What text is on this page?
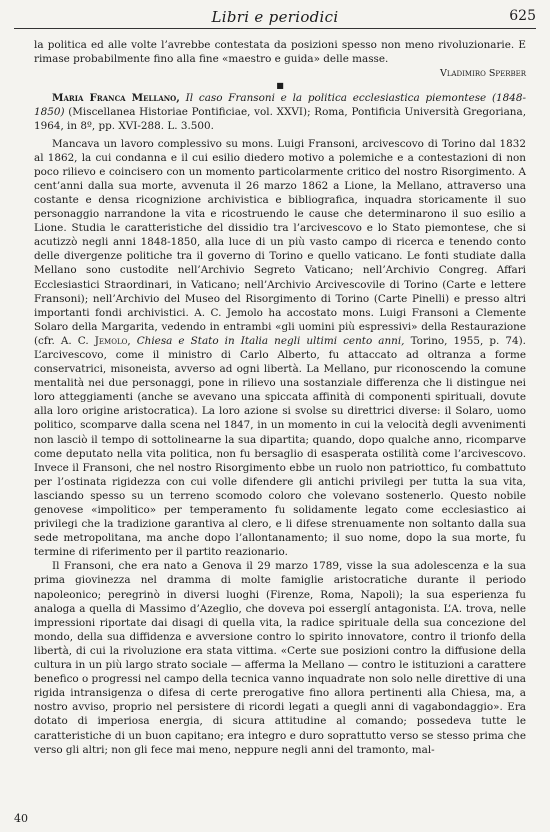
Libri e periodici	625

la politica ed alle volte l’avrebbe contestata da posizioni spesso non meno rivoluzionarie. E rimase probabilmente fino alla fine «maestro e guida» delle masse.

Vladimiro Sperber

■

Maria Franca Mellano, Il caso Fransoni e la politica ecclesiastica piemontese (1848-1850) (Miscellanea Historiae Pontificiae, vol. XXVI); Roma, Pontificia Università Gregoriana, 1964, in 8º, pp. XVI-288. L. 3.500.

Mancava un lavoro complessivo su mons. Luigi Fransoni, arcivescovo di Torino dal 1832 al 1862, la cui condanna e il cui esilio diedero motivo a polemiche e a contestazioni di non poco rilievo e coincisero con un momento particolarmente critico del nostro Risorgimento. A cent’anni dalla sua morte, avvenuta il 26 marzo 1862 a Lione, la Mellano, attraverso una costante e densa ricognizione archivistica e bibliografica, inquadra storicamente il suo personaggio narrandone la vita e ricostruendo le cause che determinarono il suo esilio a Lione. Studia le caratteristiche del dissidio tra l’arcivescovo e lo Stato piemontese, che si acutizzò negli anni 1848-1850, alla luce di un più vasto campo di ricerca e tenendo conto delle divergenze politiche tra il governo di Torino e quello vaticano. Le fonti studiate dalla Mellano sono custodite nell’Archivio Segreto Vaticano; nell’Archivio Congreg. Affari Ecclesiastici Straordinari, in Vaticano; nell’Archivio Arcivescovile di Torino (Carte e lettere Fransoni); nell’Archivio del Museo del Risorgimento di Torino (Carte Pinelli) e presso altri importanti fondi archivistici. A. C. Jemolo ha accostato mons. Luigi Fransoni a Clemente Solaro della Margarita, vedendo in entrambi «gli uomini più espressivi» della Restaurazione (cfr. A. C. Jemolo, Chiesa e Stato in Italia negli ultimi cento anni, Torino, 1955, p. 74). L’arcivescovo, come il ministro di Carlo Alberto, fu attaccato ad oltranza a forme conservatrici, misoneista, avverso ad ogni libertà. La Mellano, pur riconoscendo la comune mentalità nei due personaggi, pone in rilievo una sostanziale differenza che li distingue nei loro atteggiamenti (anche se avevano una spiccata affinità di componenti spirituali, dovute alla loro origine aristocratica). La loro azione si svolse su direttrici diverse: il Solaro, uomo politico, scomparve dalla scena nel 1847, in un momento in cui la velocità degli avvenimenti non lasciò il tempo di sottolinearne la sua dipartita; quando, dopo qualche anno, ricomparve come deputato nella vita politica, non fu bersaglio di esasperata ostilità come l’arcivescovo. Invece il Fransoni, che nel nostro Risorgimento ebbe un ruolo non patriottico, fu combattuto per l’ostinata rigidezza con cui volle difendere gli antichi privilegi per tutta la sua vita, lasciando spesso su un terreno scomodo coloro che volevano sostenerlo. Questo nobile genovese «impolitico» per temperamento fu solidamente legato come ecclesiastico ai privilegi che la tradizione garantiva al clero, e li difese strenuamente non soltanto dalla sua sede metropolitana, ma anche dopo l’allontanamento; il suo nome, dopo la sua morte, fu termine di riferimento per il partito reazionario.

Il Fransoni, che era nato a Genova il 29 marzo 1789, visse la sua adolescenza e la sua prima giovinezza nel dramma di molte famiglie aristocratiche durante il periodo napoleonico; peregrinò in diversi luoghi (Firenze, Roma, Napoli); la sua esperienza fu analoga a quella di Massimo d’Azeglio, che doveva poi esserglί antagonista. L’A. trova, nelle impressioni riportate dai disagi di quella vita, la radice spirituale della sua concezione del mondo, della sua diffidenza e avversione contro lo spirito innovatore, contro il trionfo della libertà, di cui la rivoluzione era stata vittima. «Certe sue posizioni contro la diffusione della cultura in un più largo strato sociale — afferma la Mellano — contro le istituzioni a carattere benefico o progressi nel campo della tecnica vanno inquadrate non solo nelle direttive di una rigida intransigenza o difesa di certe prerogative fino allora pertinenti alla Chiesa, ma, a nostro avviso, proprio nel persistere di ricordi legati a quegli anni di vagabondaggio». Era dotato di imperiosa energia, di sicura attitudine al comando; possedeva tutte le caratteristiche di un buon capitano; era integro e duro soprattutto verso se stesso prima che verso gli altri; non gli fece mai meno, neppure negli anni del tramonto, mal-

40
